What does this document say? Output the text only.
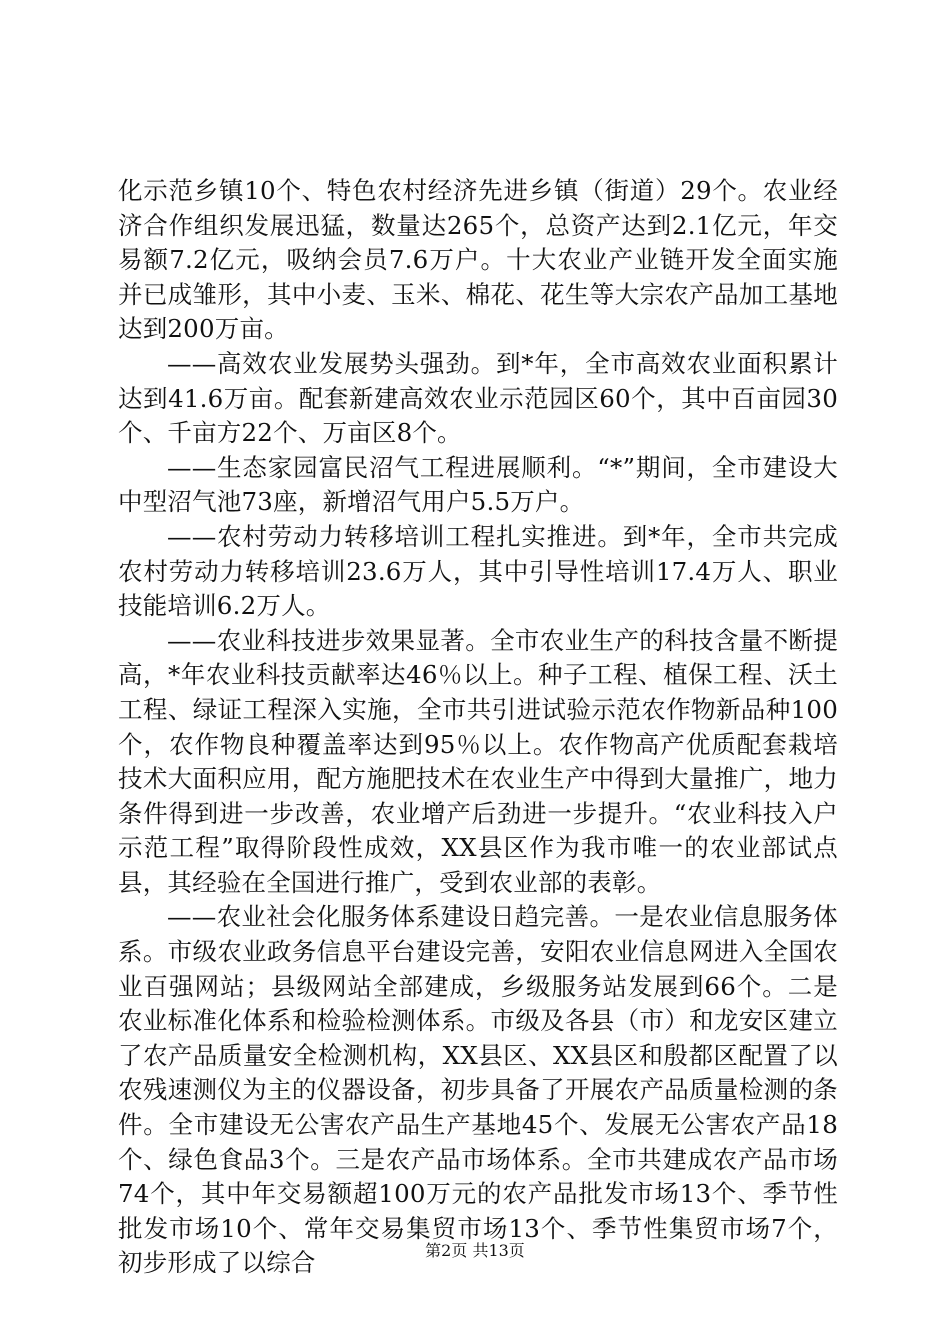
化示范乡镇10个、特色农村经济先进乡镇（街道）29个。农业经济合作组织发展迅猛，数量达265个，总资产达到2.1亿元，年交易额7.2亿元，吸纳会员7.6万户。十大农业产业链开发全面实施并已成雏形，其中小麦、玉米、棉花、花生等大宗农产品加工基地达到200万亩。

——高效农业发展势头强劲。到*年，全市高效农业面积累计达到41.6万亩。配套新建高效农业示范园区60个，其中百亩园30个、千亩方22个、万亩区8个。

——生态家园富民沼气工程进展顺利。“*”期间，全市建设大中型沼气池73座，新增沼气用户5.5万户。

——农村劳动力转移培训工程扎实推进。到*年，全市共完成农村劳动力转移培训23.6万人，其中引导性培训17.4万人、职业技能培训6.2万人。

——农业科技进步效果显著。全市农业生产的科技含量不断提高，*年农业科技贡献率达46％以上。种子工程、植保工程、沃土工程、绿证工程深入实施，全市共引进试验示范农作物新品种100个，农作物良种覆盖率达到95％以上。农作物高产优质配套栽培技术大面积应用，配方施肥技术在农业生产中得到大量推广，地力条件得到进一步改善，农业增产后劲进一步提升。“农业科技入户示范工程”取得阶段性成效，XX县区作为我市唯一的农业部试点县，其经验在全国进行推广，受到农业部的表彰。

——农业社会化服务体系建设日趋完善。一是农业信息服务体系。市级农业政务信息平台建设完善，安阳农业信息网进入全国农业百强网站；县级网站全部建成，乡级服务站发展到66个。二是农业标准化体系和检验检测体系。市级及各县（市）和龙安区建立了农产品质量安全检测机构，XX县区、XX县区和殷都区配置了以农残速测仪为主的仪器设备，初步具备了开展农产品质量检测的条件。全市建设无公害农产品生产基地45个、发展无公害农产品18个、绿色食品3个。三是农产品市场体系。全市共建成农产品市场74个，其中年交易额超100万元的农产品批发市场13个、季节性批发市场10个、常年交易集贸市场13个、季节性集贸市场7个，初步形成了以综合	第2页 共13页
